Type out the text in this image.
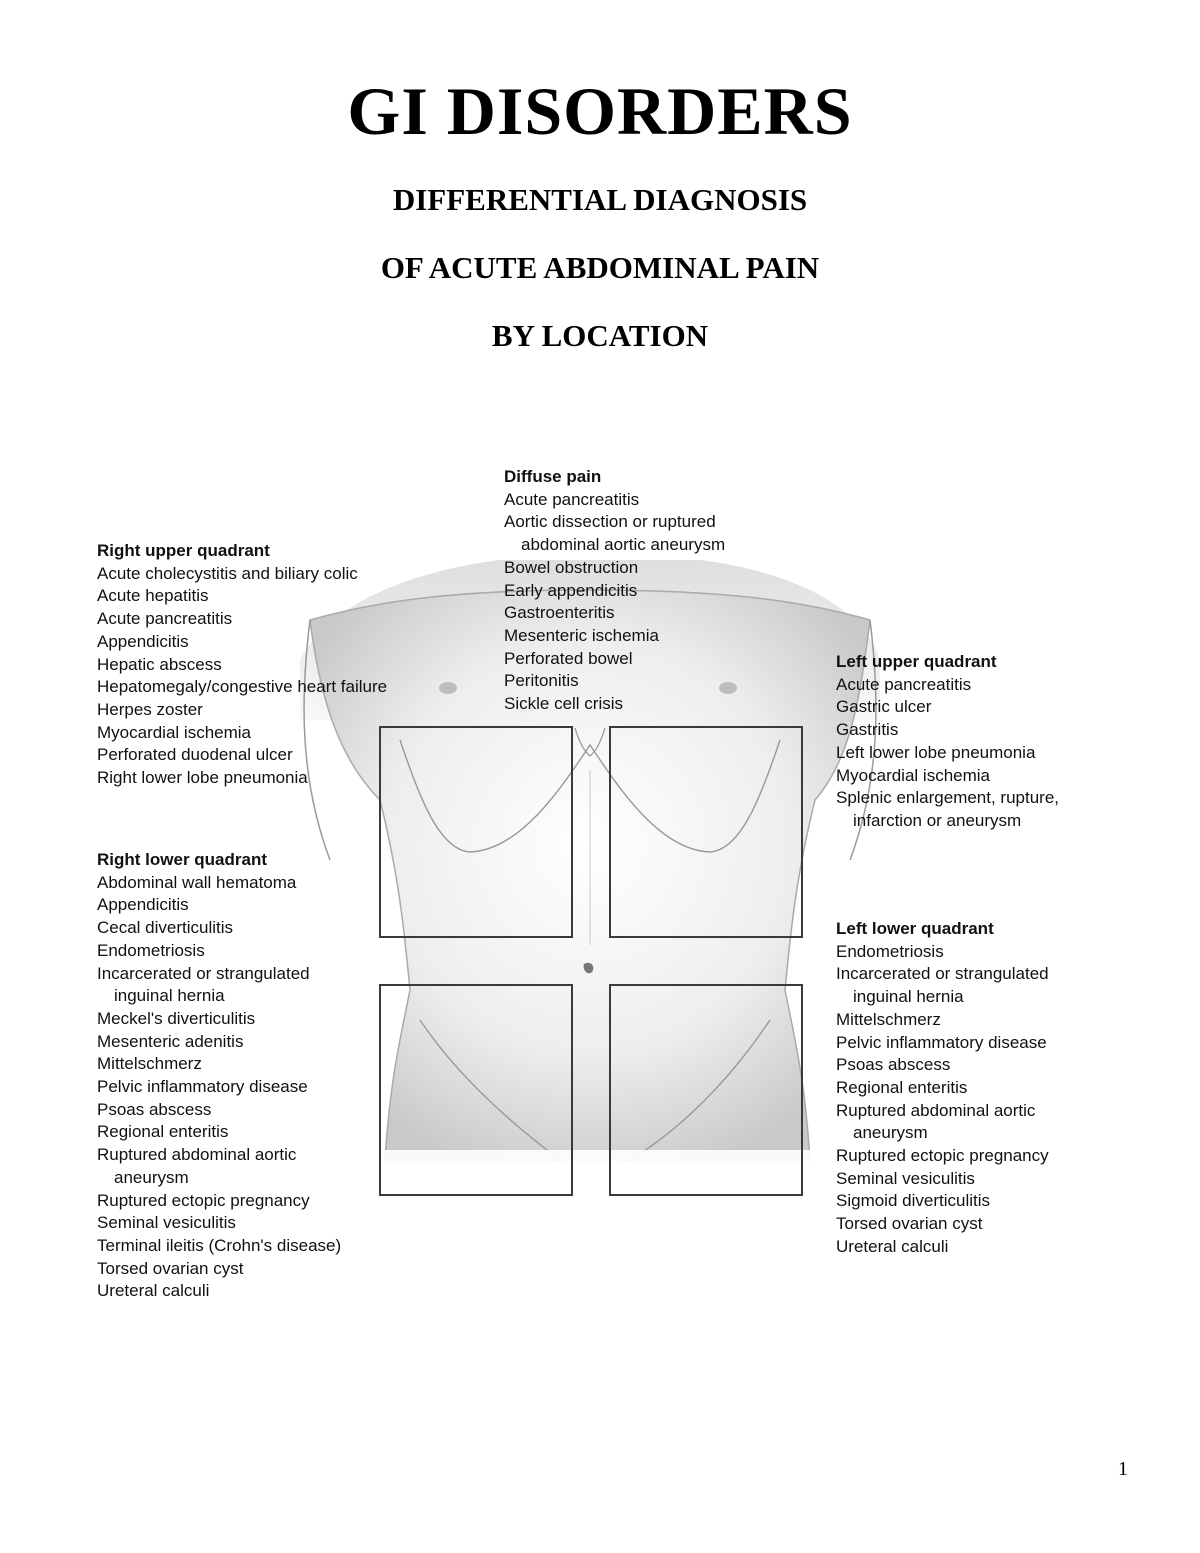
GI DISORDERS
DIFFERENTIAL DIAGNOSIS
OF ACUTE ABDOMINAL PAIN
BY LOCATION
Diffuse pain
Acute pancreatitis
Aortic dissection or ruptured
abdominal aortic aneurysm
Bowel obstruction
Early appendicitis
Gastroenteritis
Mesenteric ischemia
Perforated bowel
Peritonitis
Sickle cell crisis
Right upper quadrant
Acute cholecystitis and biliary colic
Acute hepatitis
Acute pancreatitis
Appendicitis
Hepatic abscess
Hepatomegaly/congestive heart failure
Herpes zoster
Myocardial ischemia
Perforated duodenal ulcer
Right lower lobe pneumonia
Right lower quadrant
Abdominal wall hematoma
Appendicitis
Cecal diverticulitis
Endometriosis
Incarcerated or strangulated
inguinal hernia
Meckel's diverticulitis
Mesenteric adenitis
Mittelschmerz
Pelvic inflammatory disease
Psoas abscess
Regional enteritis
Ruptured abdominal aortic
aneurysm
Ruptured ectopic pregnancy
Seminal vesiculitis
Terminal ileitis (Crohn's disease)
Torsed ovarian cyst
Ureteral calculi
Left upper quadrant
Acute pancreatitis
Gastric ulcer
Gastritis
Left lower lobe pneumonia
Myocardial ischemia
Splenic enlargement, rupture,
infarction or aneurysm
Left lower quadrant
Endometriosis
Incarcerated or strangulated
inguinal hernia
Mittelschmerz
Pelvic inflammatory disease
Psoas abscess
Regional enteritis
Ruptured abdominal aortic
aneurysm
Ruptured ectopic pregnancy
Seminal vesiculitis
Sigmoid diverticulitis
Torsed ovarian cyst
Ureteral calculi
1
